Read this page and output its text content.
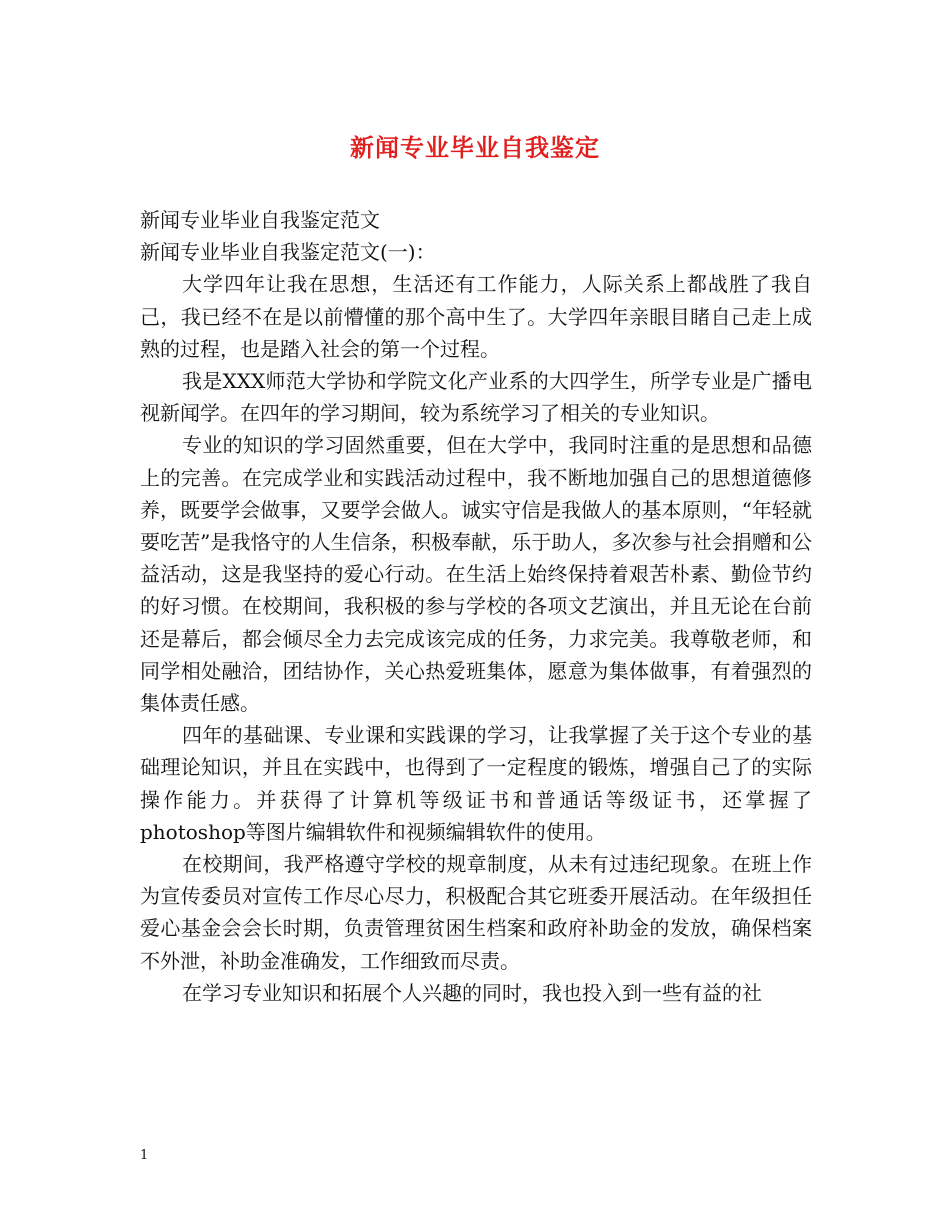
新闻专业毕业自我鉴定

新闻专业毕业自我鉴定范文

新闻专业毕业自我鉴定范文(一)：

大学四年让我在思想，生活还有工作能力，人际关系上都战胜了我自己，我已经不在是以前懵懂的那个高中生了。大学四年亲眼目睹自己走上成熟的过程，也是踏入社会的第一个过程。

我是XXX师范大学协和学院文化产业系的大四学生，所学专业是广播电视新闻学。在四年的学习期间，较为系统学习了相关的专业知识。

专业的知识的学习固然重要，但在大学中，我同时注重的是思想和品德上的完善。在完成学业和实践活动过程中，我不断地加强自己的思想道德修养，既要学会做事，又要学会做人。诚实守信是我做人的基本原则，“年轻就要吃苦”是我恪守的人生信条，积极奉献，乐于助人，多次参与社会捐赠和公益活动，这是我坚持的爱心行动。在生活上始终保持着艰苦朴素、勤俭节约的好习惯。在校期间，我积极的参与学校的各项文艺演出，并且无论在台前还是幕后，都会倾尽全力去完成该完成的任务，力求完美。我尊敬老师，和同学相处融洽，团结协作，关心热爱班集体，愿意为集体做事，有着强烈的集体责任感。

四年的基础课、专业课和实践课的学习，让我掌握了关于这个专业的基础理论知识，并且在实践中，也得到了一定程度的锻炼，增强自己了的实际操作能力。并获得了计算机等级证书和普通话等级证书，还掌握了photoshop等图片编辑软件和视频编辑软件的使用。

在校期间，我严格遵守学校的规章制度，从未有过违纪现象。在班上作为宣传委员对宣传工作尽心尽力，积极配合其它班委开展活动。在年级担任爱心基金会会长时期，负责管理贫困生档案和政府补助金的发放，确保档案不外泄，补助金准确发，工作细致而尽责。

在学习专业知识和拓展个人兴趣的同时，我也投入到一些有益的社

1
